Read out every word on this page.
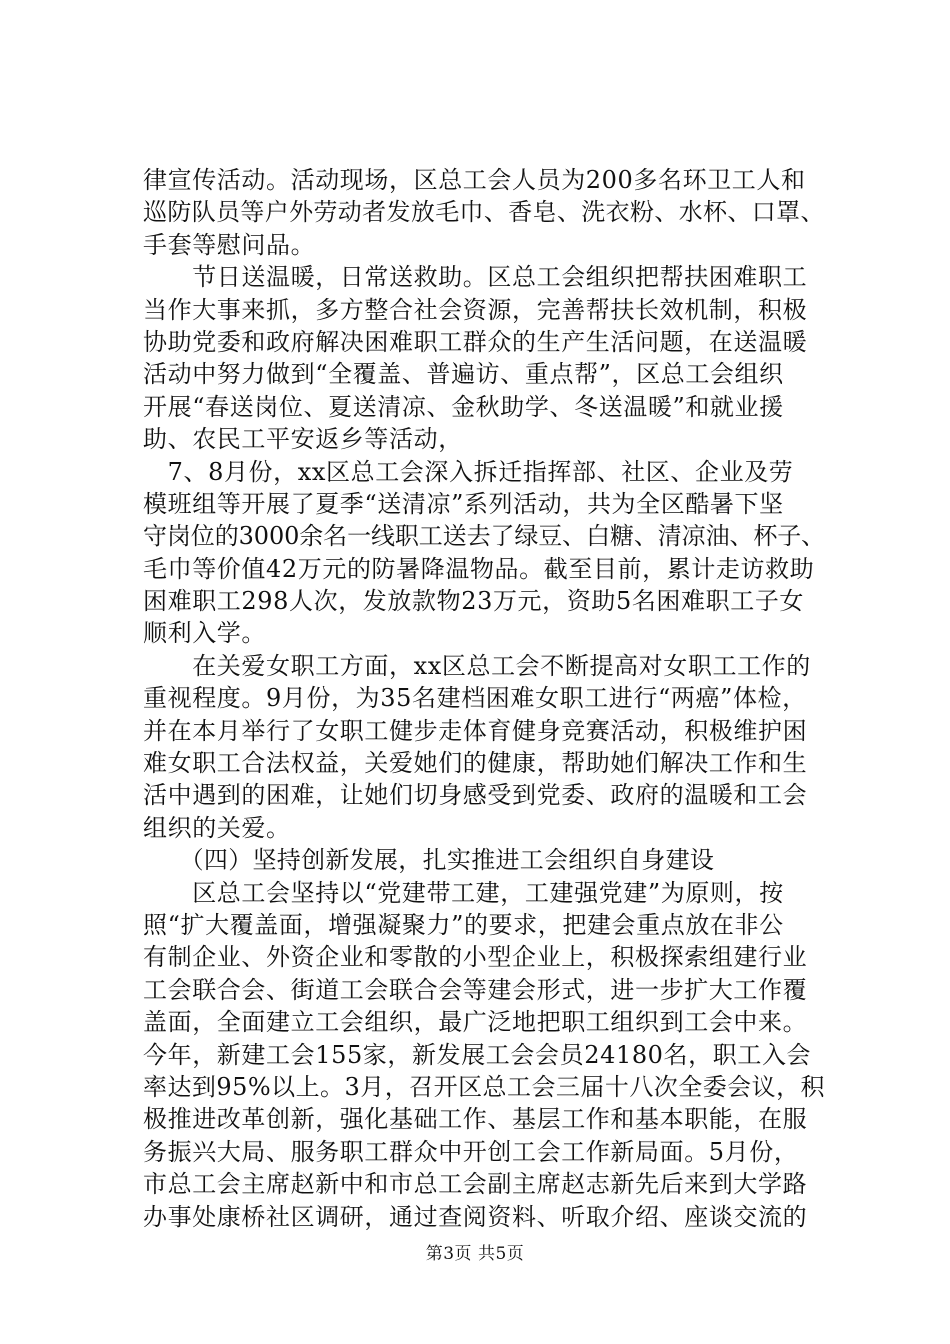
律宣传活动。活动现场，区总工会人员为200多名环卫工人和
巡防队员等户外劳动者发放毛巾、香皂、洗衣粉、水杯、口罩、
手套等慰问品。
　　节日送温暖，日常送救助。区总工会组织把帮扶困难职工
当作大事来抓，多方整合社会资源，完善帮扶长效机制，积极
协助党委和政府解决困难职工群众的生产生活问题，在送温暖
活动中努力做到“全覆盖、普遍访、重点帮”，区总工会组织
开展“春送岗位、夏送清凉、金秋助学、冬送温暖”和就业援
助、农民工平安返乡等活动，
　7、8月份，xx区总工会深入拆迁指挥部、社区、企业及劳
模班组等开展了夏季“送清凉”系列活动，共为全区酷暑下坚
守岗位的3000余名一线职工送去了绿豆、白糖、清凉油、杯子、
毛巾等价值42万元的防暑降温物品。截至目前，累计走访救助
困难职工298人次，发放款物23万元，资助5名困难职工子女
顺利入学。
　　在关爱女职工方面，xx区总工会不断提高对女职工工作的
重视程度。9月份，为35名建档困难女职工进行“两癌”体检，
并在本月举行了女职工健步走体育健身竞赛活动，积极维护困
难女职工合法权益，关爱她们的健康，帮助她们解决工作和生
活中遇到的困难，让她们切身感受到党委、政府的温暖和工会
组织的关爱。
　　（四）坚持创新发展，扎实推进工会组织自身建设
　　区总工会坚持以“党建带工建，工建强党建”为原则，按
照“扩大覆盖面，增强凝聚力”的要求，把建会重点放在非公
有制企业、外资企业和零散的小型企业上，积极探索组建行业
工会联合会、街道工会联合会等建会形式，进一步扩大工作覆
盖面，全面建立工会组织，最广泛地把职工组织到工会中来。
今年，新建工会155家，新发展工会会员24180名，职工入会
率达到95%以上。3月，召开区总工会三届十八次全委会议，积
极推进改革创新，强化基础工作、基层工作和基本职能，在服
务振兴大局、服务职工群众中开创工会工作新局面。5月份，
市总工会主席赵新中和市总工会副主席赵志新先后来到大学路
办事处康桥社区调研，通过查阅资料、听取介绍、座谈交流的
第3页 共5页
